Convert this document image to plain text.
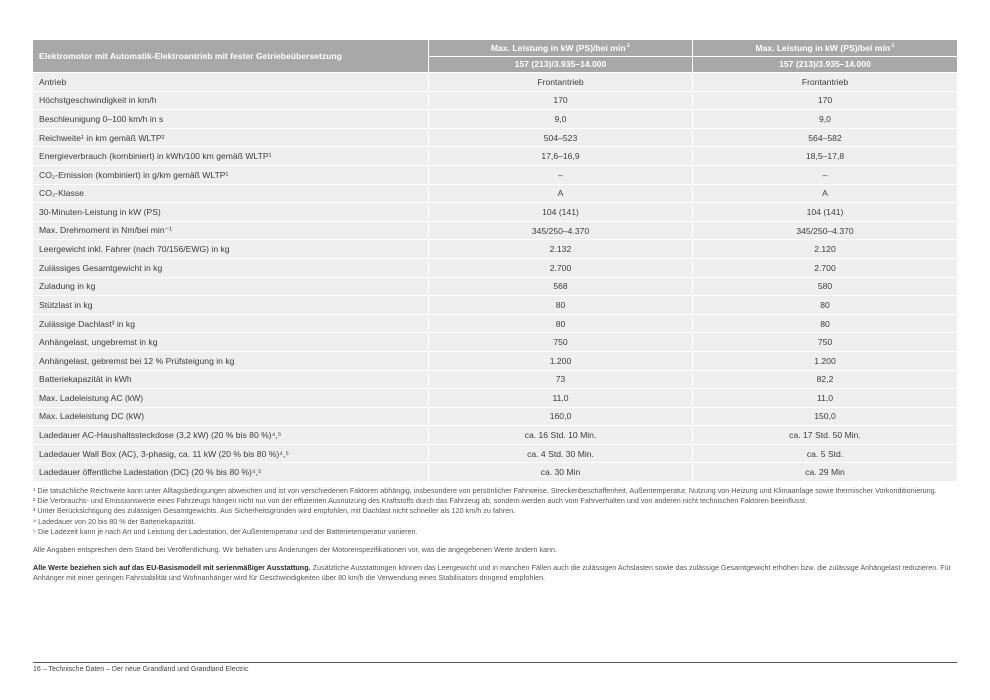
Elektromotor mit Automatik-Elektroantrieb mit fester Getriebeübersetzung	Max. Leistung in kW (PS)/bei $\min^{-1}$	Max. Leistung in kW (PS)/bei $\min^{-1}$
	157 (213)/3.935–14.000	157 (213)/3.935–14.000
Antrieb	Frontantrieb	Frontantrieb
Höchstgeschwindigkeit in km/h	170	170
Beschleunigung 0–100 km/h in s	9,0	9,0
Reichweite¹ in km gemäß WLTP²	504–523	564–582
Energieverbrauch (kombiniert) in kWh/100 km gemäß WLTP¹	17,6–16,9	18,5–17,8
CO₂-Emission (kombiniert) in g/km gemäß WLTP¹	–	–
CO₂-Klasse	A	A
30-Minuten-Leistung in kW (PS)	104 (141)	104 (141)
Max. Drehmoment in Nm/bei min⁻¹	345/250–4.370	345/250–4.370
Leergewicht inkl. Fahrer (nach 70/156/EWG) in kg	2.132	2.120
Zulässiges Gesamtgewicht in kg	2.700	2.700
Zuladung in kg	568	580
Stützlast in kg	80	80
Zulässige Dachlast³ in kg	80	80
Anhängelast, ungebremst in kg	750	750
Anhängelast, gebremst bei 12 % Prüfsteigung in kg	1.200	1.200
Batteriekapazität in kWh	73	82,2
Max. Ladeleistung AC (kW)	11,0	11,0
Max. Ladeleistung DC (kW)	160,0	150,0
Ladedauer AC-Haushaltssteckdose (3,2 kW) (20 % bis 80 %)⁴,⁵	ca. 16 Std. 10 Min.	ca. 17 Std. 50 Min.
Ladedauer Wall Box (AC), 3-phasig, ca. 11 kW (20 % bis 80 %)⁴,⁵	ca. 4 Std. 30 Min.	ca. 5 Std.
Ladedauer öffentliche Ladestation (DC) (20 % bis 80 %)⁴,⁵	ca. 30 Min	ca. 29 Min
¹ Die tatsächliche Reichweite kann unter Alltagsbedingungen abweichen und ist von verschiedenen Faktoren abhängig, insbesondere von persönlicher Fahrweise, Streckenbeschaffenheit, Außentemperatur, Nutzung von Heizung und Klimaanlage sowie thermischer Vorkonditionierung.
² Die Verbrauchs- und Emissionswerte eines Fahrzeugs hängen nicht nur von der effizienten Ausnutzung des Kraftstoffs durch das Fahrzeug ab, sondern werden auch vom Fahrverhalten und von anderen nicht technischen Faktoren beeinflusst.
³ Unter Berücksichtigung des zulässigen Gesamtgewichts. Aus Sicherheitsgründen wird empfohlen, mit Dachlast nicht schneller als 120 km/h zu fahren.
⁴ Ladedauer von 20 bis 80 % der Batteriekapazität.
⁵ Die Ladezeit kann je nach Art und Leistung der Ladestation, der Außentemperatur und der Batterietemperatur variieren.

Alle Angaben entsprechen dem Stand bei Veröffentlichung. Wir behalten uns Änderungen der Motorenspezifikationen vor, was die angegebenen Werte ändern kann.

Alle Werte beziehen sich auf das EU-Basismodell mit serienmäßiger Ausstattung. Zusätzliche Ausstattungen können das Leergewicht und in manchen Fällen auch die zulässigen Achslasten sowie das zulässige Gesamtgewicht erhöhen bzw. die zulässige Anhängelast reduzieren. Für Anhänger mit einer geringen Fahrstabilität und Wohnanhänger wird für Geschwindigkeiten über 80 km/h die Verwendung eines Stabilisators dringend empfohlen.

16 – Technische Daten – Der neue Grandland und Grandland Electric
